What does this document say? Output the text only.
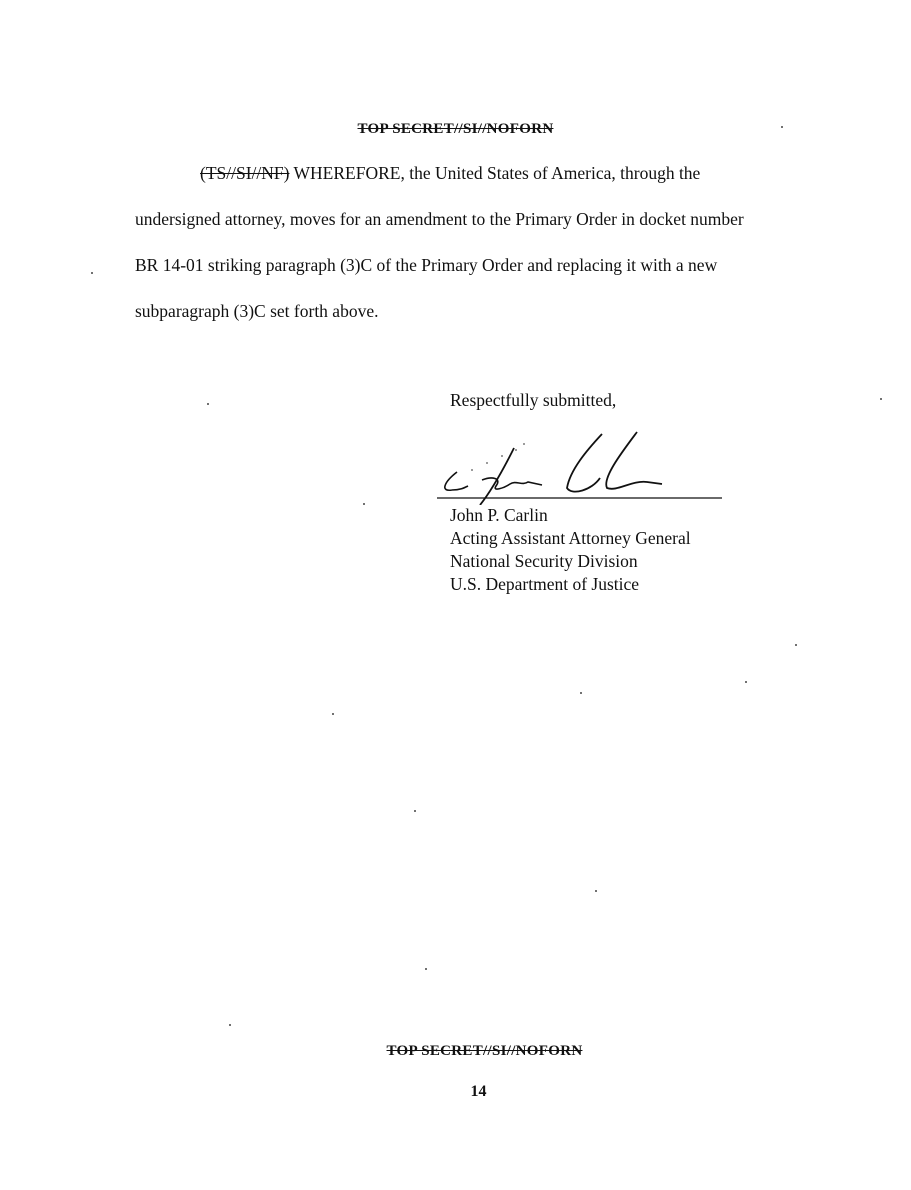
TOP SECRET//SI//NOFORN
(TS//SI//NF) WHEREFORE, the United States of America, through the
undersigned attorney, moves for an amendment to the Primary Order in docket number
BR 14-01 striking paragraph (3)C of the Primary Order and replacing it with a new
subparagraph (3)C set forth above.
Respectfully submitted,
John P. Carlin
Acting Assistant Attorney General
National Security Division
U.S. Department of Justice
TOP SECRET//SI//NOFORN
14
